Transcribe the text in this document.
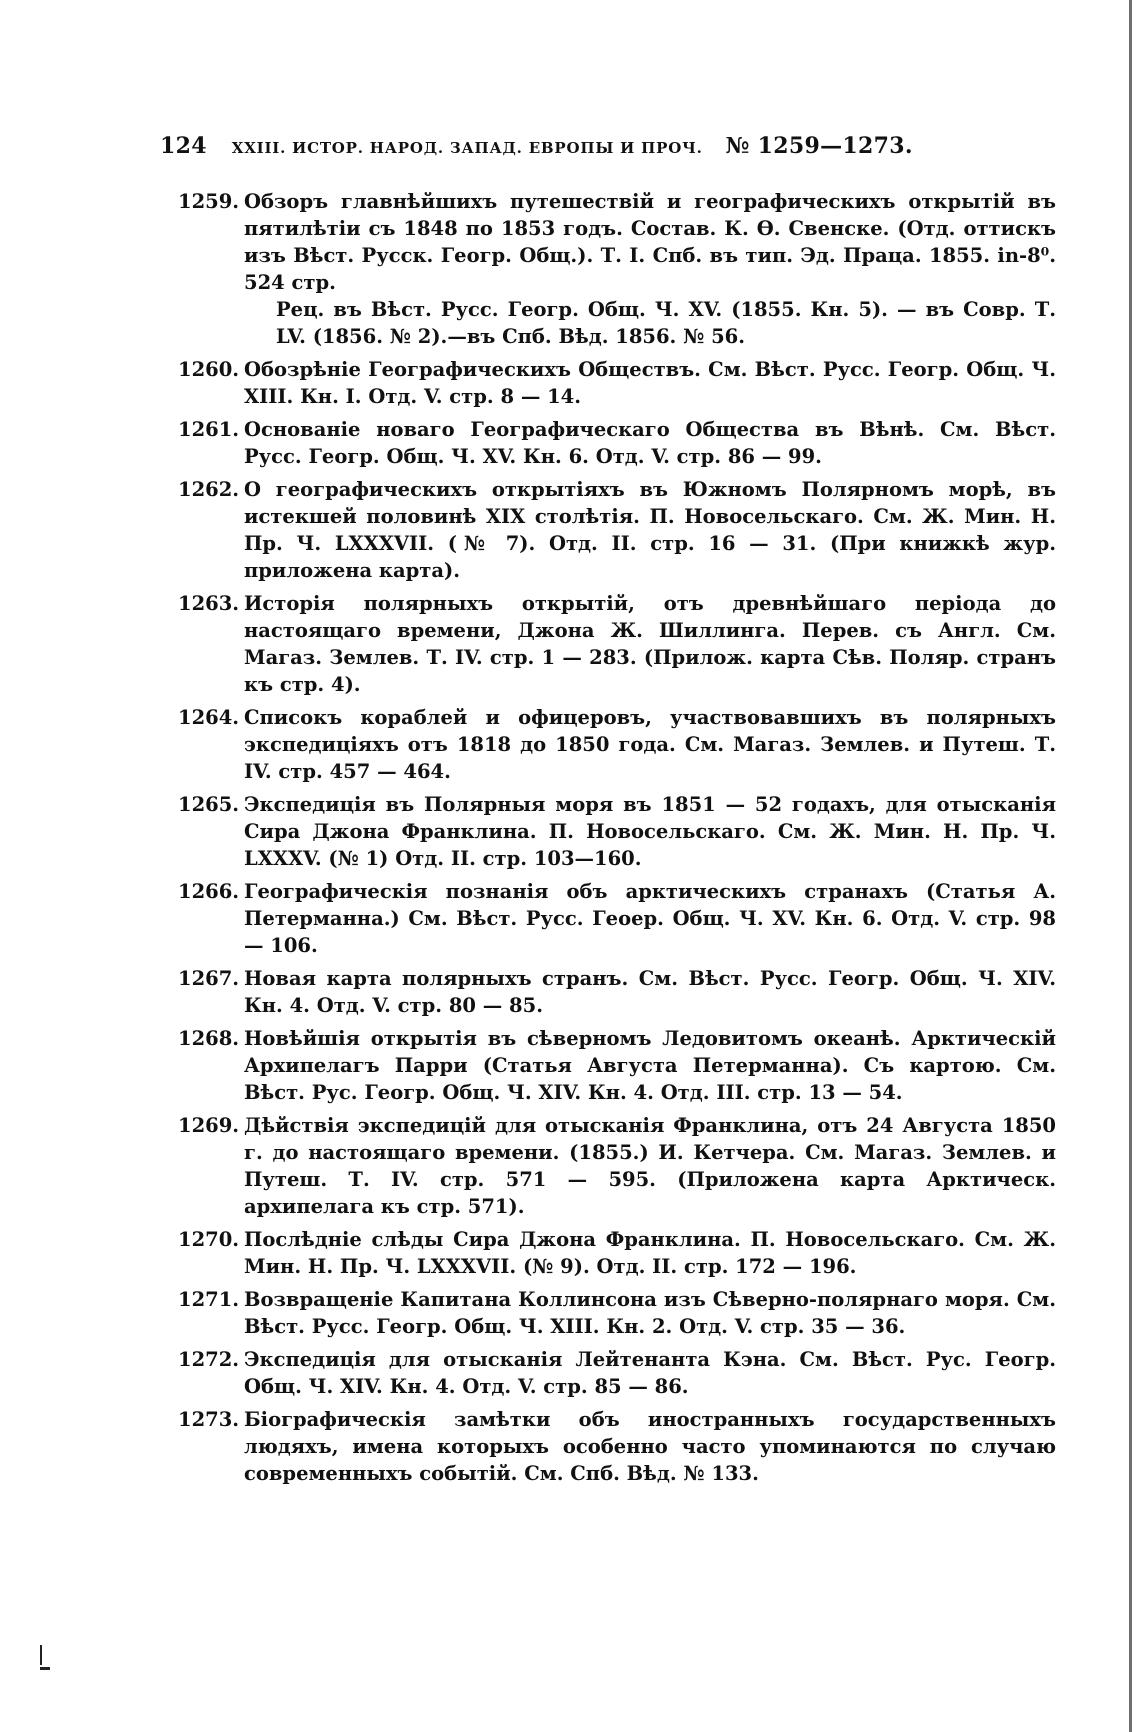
124 XXIII. ИСТОР. НАРОД. ЗАПАД. ЕВРОПЫ И ПРОЧ. № 1259—1273.
1259. Обзоръ главнѣйшихъ путешествій и географическихъ открытій въ пятилѣтіи съ 1848 по 1853 годъ. Состав. К. Ѳ. Свенске. (Отд. оттискъ изъ Вѣст. Русск. Геогр. Общ.). Т. I. Спб. въ тип. Эд. Праца. 1855. in-8⁰. 524 стр.

Рец. въ Вѣст. Русс. Геогр. Общ. Ч. XV. (1855. Кн. 5). — въ Совр. Т. LV. (1856. № 2).—въ Спб. Вѣд. 1856. № 56.

1260. Обозрѣніе Географическихъ Обществъ. См. Вѣст. Русс. Геогр. Общ. Ч. XIII. Кн. I. Отд. V. стр. 8 — 14.
1261. Основаніе новаго Географическаго Общества въ Вѣнѣ. См. Вѣст. Русс. Геогр. Общ. Ч. XV. Кн. 6. Отд. V. стр. 86 — 99.
1262. О географическихъ открытіяхъ въ Южномъ Полярномъ морѣ, въ истекшей половинѣ XIX столѣтія. П. Новосельскаго. См. Ж. Мин. Н. Пр. Ч. LXXXVII. (№ 7). Отд. II. стр. 16 — 31. (При книжкѣ жур. приложена карта).
1263. Исторія полярныхъ открытій, отъ древнѣйшаго періода до настоящаго времени, Джона Ж. Шиллинга. Перев. съ Англ. См. Магаз. Землев. Т. IV. стр. 1 — 283. (Прилож. карта Сѣв. Поляр. странъ къ стр. 4).
1264. Списокъ кораблей и офицеровъ, участвовавшихъ въ полярныхъ экспедиціяхъ отъ 1818 до 1850 года. См. Магаз. Землев. и Путеш. Т. IV. стр. 457 — 464.
1265. Экспедиція въ Полярныя моря въ 1851 — 52 годахъ, для отысканія Сира Джона Франклина. П. Новосельскаго. См. Ж. Мин. Н. Пр. Ч. LXXXV. (№ 1) Отд. II. стр. 103—160.
1266. Географическія познанія объ арктическихъ странахъ (Статья А. Петерманна.) См. Вѣст. Русс. Геоер. Общ. Ч. XV. Кн. 6. Отд. V. стр. 98 — 106.
1267. Новая карта полярныхъ странъ. См. Вѣст. Русс. Геогр. Общ. Ч. XIV. Кн. 4. Отд. V. стр. 80 — 85.
1268. Новѣйшія открытія въ сѣверномъ Ледовитомъ океанѣ. Арктическій Архипелагъ Парри (Статья Августа Петерманна). Съ картою. См. Вѣст. Рус. Геогр. Общ. Ч. XIV. Кн. 4. Отд. III. стр. 13 — 54.
1269. Дѣйствія экспедицій для отысканія Франклина, отъ 24 Августа 1850 г. до настоящаго времени. (1855.) И. Кетчера. См. Магаз. Землев. и Путеш. Т. IV. стр. 571 — 595. (Приложена карта Арктическ. архипелага къ стр. 571).
1270. Послѣдніе слѣды Сира Джона Франклина. П. Новосельскаго. См. Ж. Мин. Н. Пр. Ч. LXXXVII. (№ 9). Отд. II. стр. 172 — 196.
1271. Возвращеніе Капитана Коллинсона изъ Сѣверно-полярнаго моря. См. Вѣст. Русс. Геогр. Общ. Ч. XIII. Кн. 2. Отд. V. стр. 35 — 36.
1272. Экспедиція для отысканія Лейтенанта Кэна. См. Вѣст. Рус. Геогр. Общ. Ч. XIV. Кн. 4. Отд. V. стр. 85 — 86.
1273. Біографическія замѣтки объ иностранныхъ государственныхъ людяхъ, имена которыхъ особенно часто упоминаются по случаю современныхъ событій. См. Спб. Вѣд. № 133.
